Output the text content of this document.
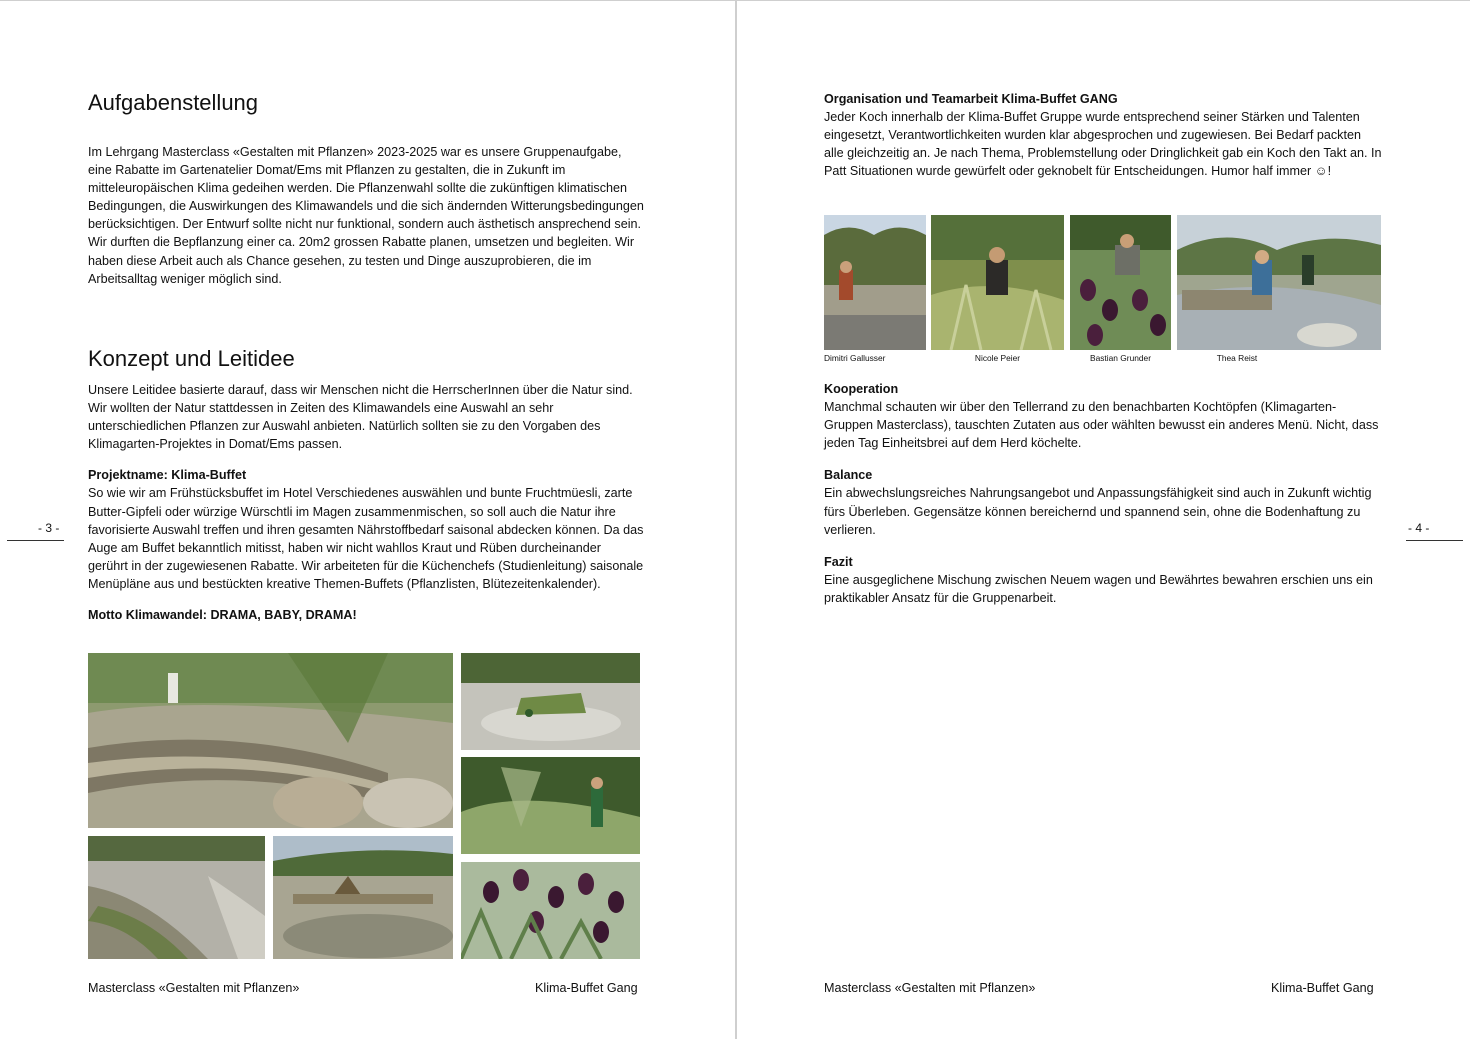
Aufgabenstellung

Im Lehrgang Masterclass «Gestalten mit Pflanzen» 2023-2025 war es unsere Gruppenaufgabe, eine Rabatte im Gartenatelier Domat/Ems mit Pflanzen zu gestalten, die in Zukunft im mitteleuropäischen Klima gedeihen werden. Die Pflanzenwahl sollte die zukünftigen klimatischen Bedingungen, die Auswirkungen des Klimawandels und die sich ändernden Witterungsbedingungen berücksichtigen. Der Entwurf sollte nicht nur funktional, sondern auch ästhetisch ansprechend sein. Wir durften die Bepflanzung einer ca. 20m2 grossen Rabatte planen, umsetzen und begleiten. Wir haben diese Arbeit auch als Chance gesehen, zu testen und Dinge auszuprobieren, die im Arbeitsalltag weniger möglich sind.

Konzept und Leitidee

Unsere Leitidee basierte darauf, dass wir Menschen nicht die HerrscherInnen über die Natur sind. Wir wollten der Natur stattdessen in Zeiten des Klimawandels eine Auswahl an sehr unterschiedlichen Pflanzen zur Auswahl anbieten. Natürlich sollten sie zu den Vorgaben des Klimagarten-Projektes in Domat/Ems passen.

Projektname: Klima-Buffet

So wie wir am Frühstücksbuffet im Hotel Verschiedenes auswählen und bunte Fruchtmüesli, zarte Butter-Gipfeli oder würzige Würschtli im Magen zusammenmischen, so soll auch die Natur ihre favorisierte Auswahl treffen und ihren gesamten Nährstoffbedarf saisonal abdecken können. Da das Auge am Buffet bekanntlich mitisst, haben wir nicht wahllos Kraut und Rüben durcheinander gerührt in der zugewiesenen Rabatte. Wir arbeiteten für die Küchenchefs (Studienleitung) saisonale Menüpläne aus und bestückten kreative Themen-Buffets (Pflanzlisten, Blütezeitenkalender).

Motto Klimawandel: DRAMA, BABY, DRAMA!

- 3 -
Masterclass «Gestalten mit Pflanzen»	Klima-Buffet Gang

Organisation und Teamarbeit Klima-Buffet GANG

Jeder Koch innerhalb der Klima-Buffet Gruppe wurde entsprechend seiner Stärken und Talenten eingesetzt, Verantwortlichkeiten wurden klar abgesprochen und zugewiesen. Bei Bedarf packten alle gleichzeitig an. Je nach Thema, Problemstellung oder Dringlichkeit gab ein Koch den Takt an. In Patt Situationen wurde gewürfelt oder geknobelt für Entscheidungen. Humor half immer ☺!

Dimitri Gallusser	Nicole Peier	Bastian Grunder	Thea Reist

Kooperation

Manchmal schauten wir über den Tellerrand zu den benachbarten Kochtöpfen (Klimagarten-Gruppen Masterclass), tauschten Zutaten aus oder wählten bewusst ein anderes Menü. Nicht, dass jeden Tag Einheitsbrei auf dem Herd köchelte.

Balance

Ein abwechslungsreiches Nahrungsangebot und Anpassungsfähigkeit sind auch in Zukunft wichtig fürs Überleben. Gegensätze können bereichernd und spannend sein, ohne die Bodenhaftung zu verlieren.

Fazit

Eine ausgeglichene Mischung zwischen Neuem wagen und Bewährtes bewahren erschien uns ein praktikabler Ansatz für die Gruppenarbeit.

- 4 -
Masterclass «Gestalten mit Pflanzen»	Klima-Buffet Gang
